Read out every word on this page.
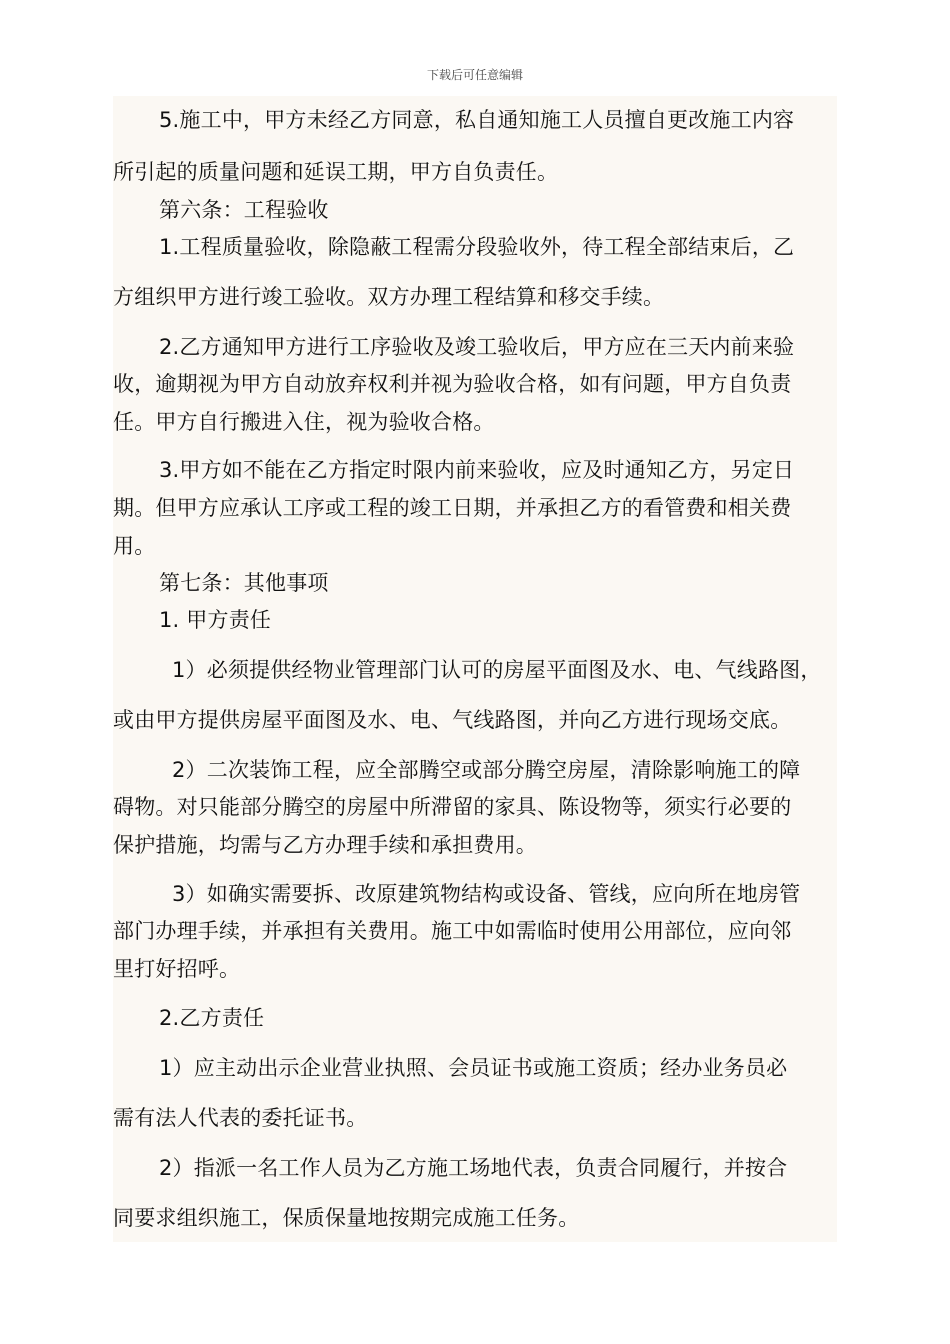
下载后可任意编辑
5.施工中，甲方未经乙方同意，私自通知施工人员擅自更改施工内容
所引起的质量问题和延误工期，甲方自负责任。
第六条：工程验收
1.工程质量验收，除隐蔽工程需分段验收外，待工程全部结束后，乙
方组织甲方进行竣工验收。双方办理工程结算和移交手续。
2.乙方通知甲方进行工序验收及竣工验收后，甲方应在三天内前来验
收，逾期视为甲方自动放弃权利并视为验收合格，如有问题，甲方自负责
任。甲方自行搬进入住，视为验收合格。
3.甲方如不能在乙方指定时限内前来验收，应及时通知乙方，另定日
期。但甲方应承认工序或工程的竣工日期，并承担乙方的看管费和相关费
用。
第七条：其他事项
1. 甲方责任
1）必须提供经物业管理部门认可的房屋平面图及水、电、气线路图，
或由甲方提供房屋平面图及水、电、气线路图，并向乙方进行现场交底。
2）二次装饰工程，应全部腾空或部分腾空房屋，清除影响施工的障
碍物。对只能部分腾空的房屋中所滞留的家具、陈设物等，须实行必要的
保护措施，均需与乙方办理手续和承担费用。
3）如确实需要拆、改原建筑物结构或设备、管线，应向所在地房管
部门办理手续，并承担有关费用。施工中如需临时使用公用部位，应向邻
里打好招呼。
2.乙方责任
1）应主动出示企业营业执照、会员证书或施工资质；经办业务员必
需有法人代表的委托证书。
2）指派一名工作人员为乙方施工场地代表，负责合同履行，并按合
同要求组织施工，保质保量地按期完成施工任务。
